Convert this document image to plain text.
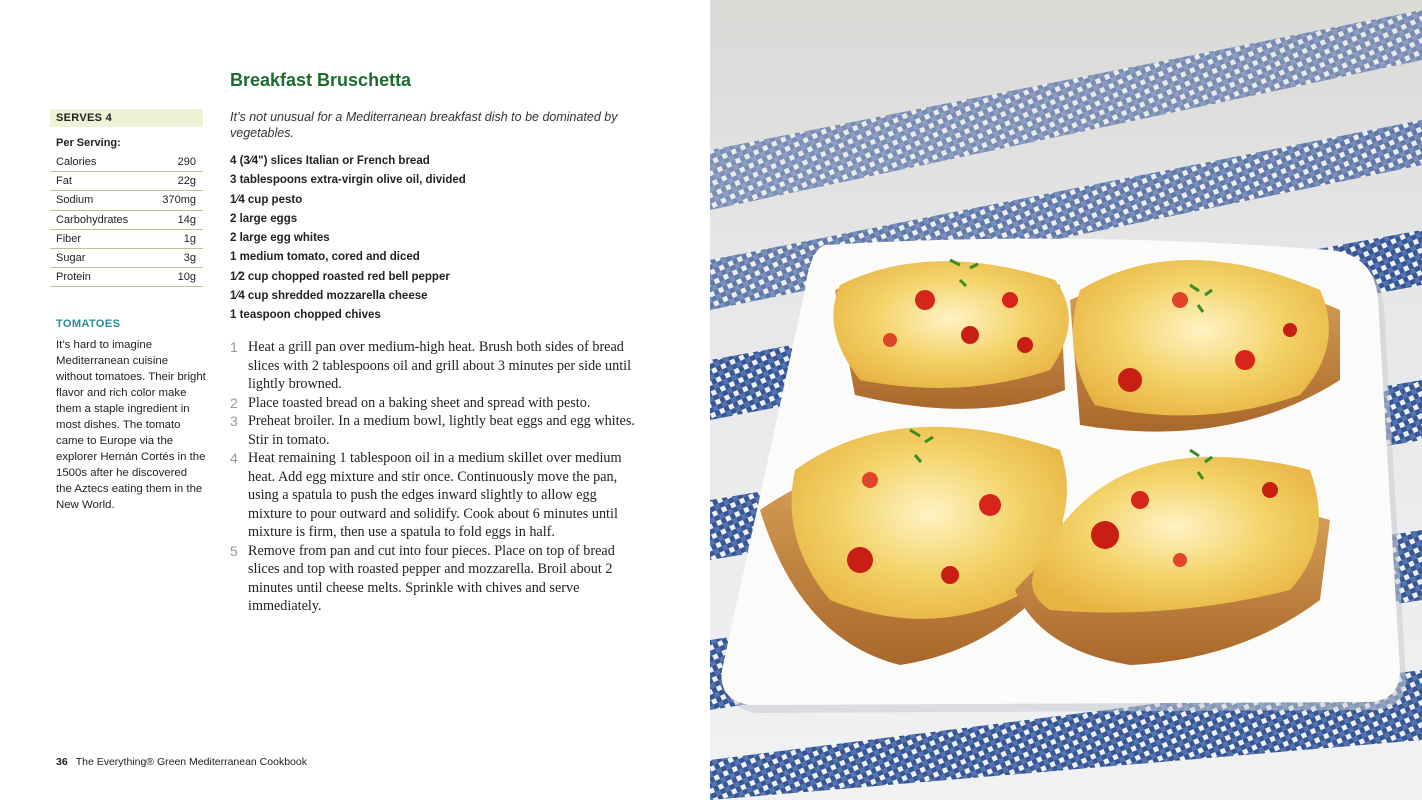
Breakfast Bruschetta
SERVES 4
Per Serving:
Calories	290
Fat	22g
Sodium	370mg
Carbohydrates	14g
Fiber	1g
Sugar	3g
Protein	10g
TOMATOES
It’s hard to imagine Mediterranean cuisine without tomatoes. Their bright flavor and rich color make them a staple ingredient in most dishes. The tomato came to Europe via the explorer Hernán Cortés in the 1500s after he discovered the Aztecs eating them in the New World.
It’s not unusual for a Mediterranean breakfast dish to be dominated by vegetables.
4 (3⁄4") slices Italian or French bread
3 tablespoons extra-virgin olive oil, divided
1⁄4 cup pesto
2 large eggs
2 large egg whites
1 medium tomato, cored and diced
1⁄2 cup chopped roasted red bell pepper
1⁄4 cup shredded mozzarella cheese
1 teaspoon chopped chives
1 Heat a grill pan over medium-high heat. Brush both sides of bread slices with 2 tablespoons oil and grill about 3 minutes per side until lightly browned.
2 Place toasted bread on a baking sheet and spread with pesto.
3 Preheat broiler. In a medium bowl, lightly beat eggs and egg whites. Stir in tomato.
4 Heat remaining 1 tablespoon oil in a medium skillet over medium heat. Add egg mixture and stir once. Continuously move the pan, using a spatula to push the edges inward slightly to allow egg mixture to pour outward and solidify. Cook about 6 minutes until mixture is firm, then use a spatula to fold eggs in half.
5 Remove from pan and cut into four pieces. Place on top of bread slices and top with roasted pepper and mozzarella. Broil about 2 minutes until cheese melts. Sprinkle with chives and serve immediately.
36 The Everything® Green Mediterranean Cookbook
